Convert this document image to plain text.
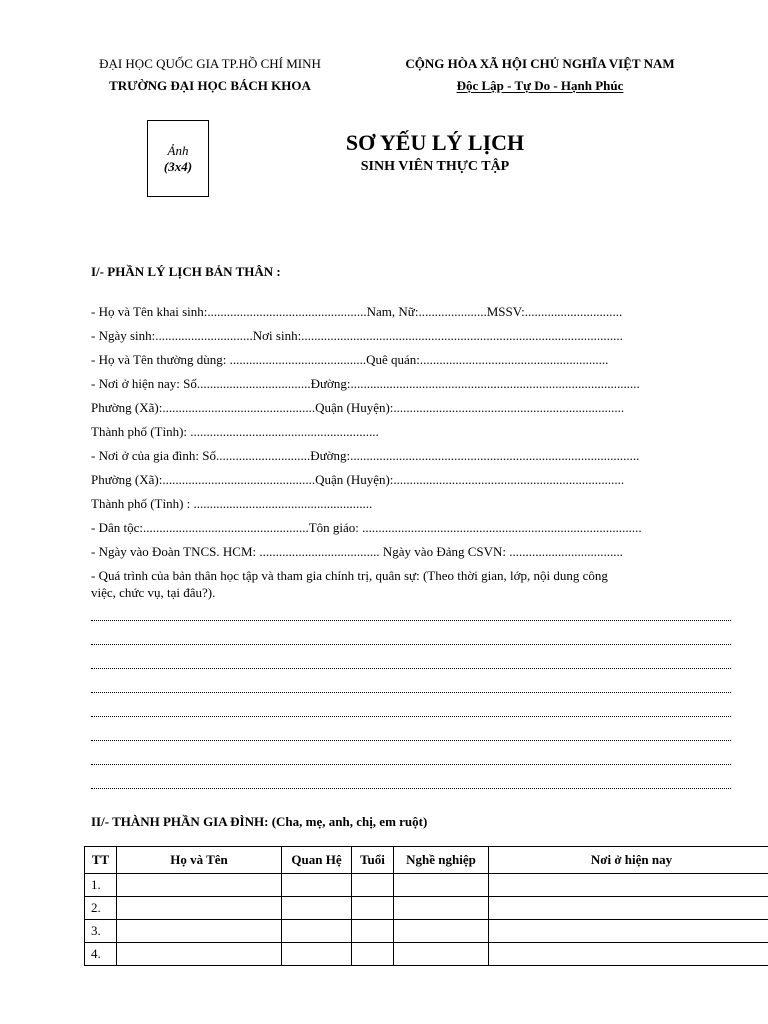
ĐẠI HỌC QUỐC GIA TP.HỒ CHÍ MINH
TRƯỜNG ĐẠI HỌC BÁCH KHOA
CỘNG HÒA XÃ HỘI CHỦ NGHĨA VIỆT NAM
Độc Lập - Tự Do - Hạnh Phúc
Ảnh
(3x4)
SƠ YẾU LÝ LỊCH
SINH VIÊN THỰC TẬP
I/- PHẦN LÝ LỊCH BẢN THÂN :
- Họ và Tên khai sinh:.................................................Nam, Nữ:.....................MSSV:..............................
- Ngày sinh:..............................Nơi sinh:...................................................................................................
- Họ và Tên thường dùng: ..........................................Quê quán:..........................................................
- Nơi ở hiện nay: Số...................................Đường:.........................................................................................
Phường (Xã):...............................................Quận (Huyện):.......................................................................
Thành phố (Tỉnh): ..........................................................
- Nơi ở của gia đình: Số.............................Đường:.........................................................................................
Phường (Xã):...............................................Quận (Huyện):.......................................................................
Thành phố (Tỉnh) : .......................................................
- Dân tộc:...................................................Tôn giáo: ......................................................................................
- Ngày vào Đoàn TNCS. HCM: ..................................... Ngày vào Đảng CSVN: ...................................
- Quá trình của bản thân học tập và tham gia chính trị, quân sự: (Theo thời gian, lớp, nội dung công
việc, chức vụ, tại đâu?).
II/- THÀNH PHẦN GIA ĐÌNH: (Cha, mẹ, anh, chị, em ruột)
TT	Họ và Tên	Quan Hệ	Tuổi	Nghề nghiệp	Nơi ở hiện nay
1.					
2.					
3.					
4.					
